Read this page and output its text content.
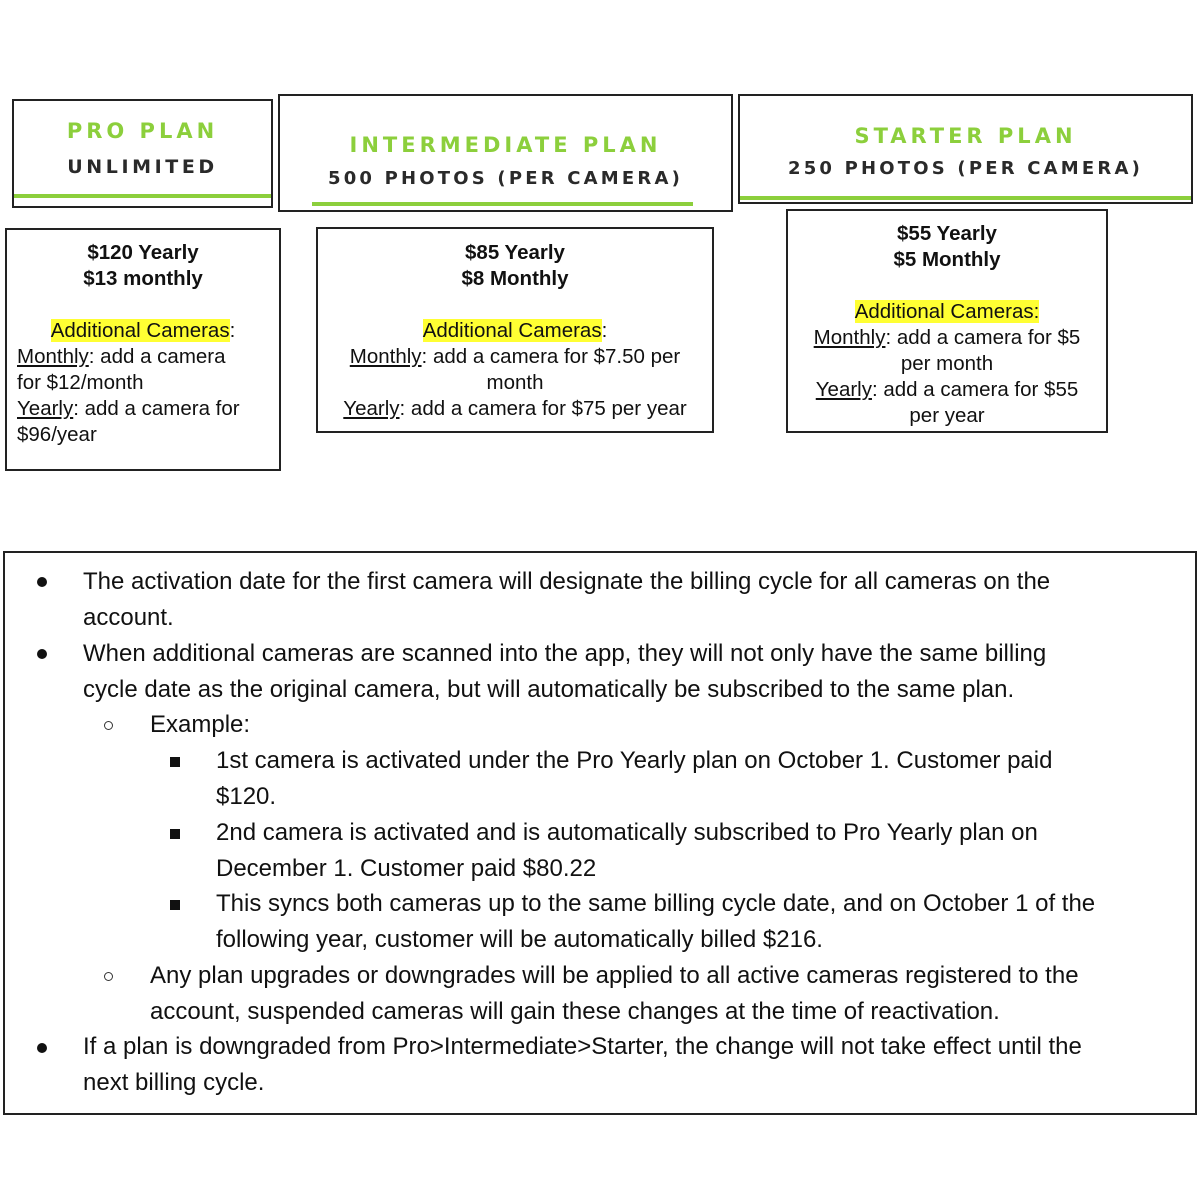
PRO PLAN
UNLIMITED
INTERMEDIATE PLAN
500 PHOTOS (PER CAMERA)
STARTER PLAN
250 PHOTOS (PER CAMERA)
$120 Yearly
$13 monthly
Additional Cameras:
Monthly: add a camera
for $12/month
Yearly: add a camera for
$96/year
$85 Yearly
$8 Monthly
Additional Cameras:
Monthly: add a camera for $7.50 per
month
Yearly: add a camera for $75 per year
$55 Yearly
$5 Monthly
Additional Cameras:
Monthly: add a camera for $5
per month
Yearly: add a camera for $55
per year
The activation date for the first camera will designate the billing cycle for all cameras on the
account.
When additional cameras are scanned into the app, they will not only have the same billing
cycle date as the original camera, but will automatically be subscribed to the same plan.
Example:
1st camera is activated under the Pro Yearly plan on October 1. Customer paid
$120.
2nd camera is activated and is automatically subscribed to Pro Yearly plan on
December 1. Customer paid $80.22
This syncs both cameras up to the same billing cycle date, and on October 1 of the
following year, customer will be automatically billed $216.
Any plan upgrades or downgrades will be applied to all active cameras registered to the
account, suspended cameras will gain these changes at the time of reactivation.
If a plan is downgraded from Pro>Intermediate>Starter, the change will not take effect until the
next billing cycle.
